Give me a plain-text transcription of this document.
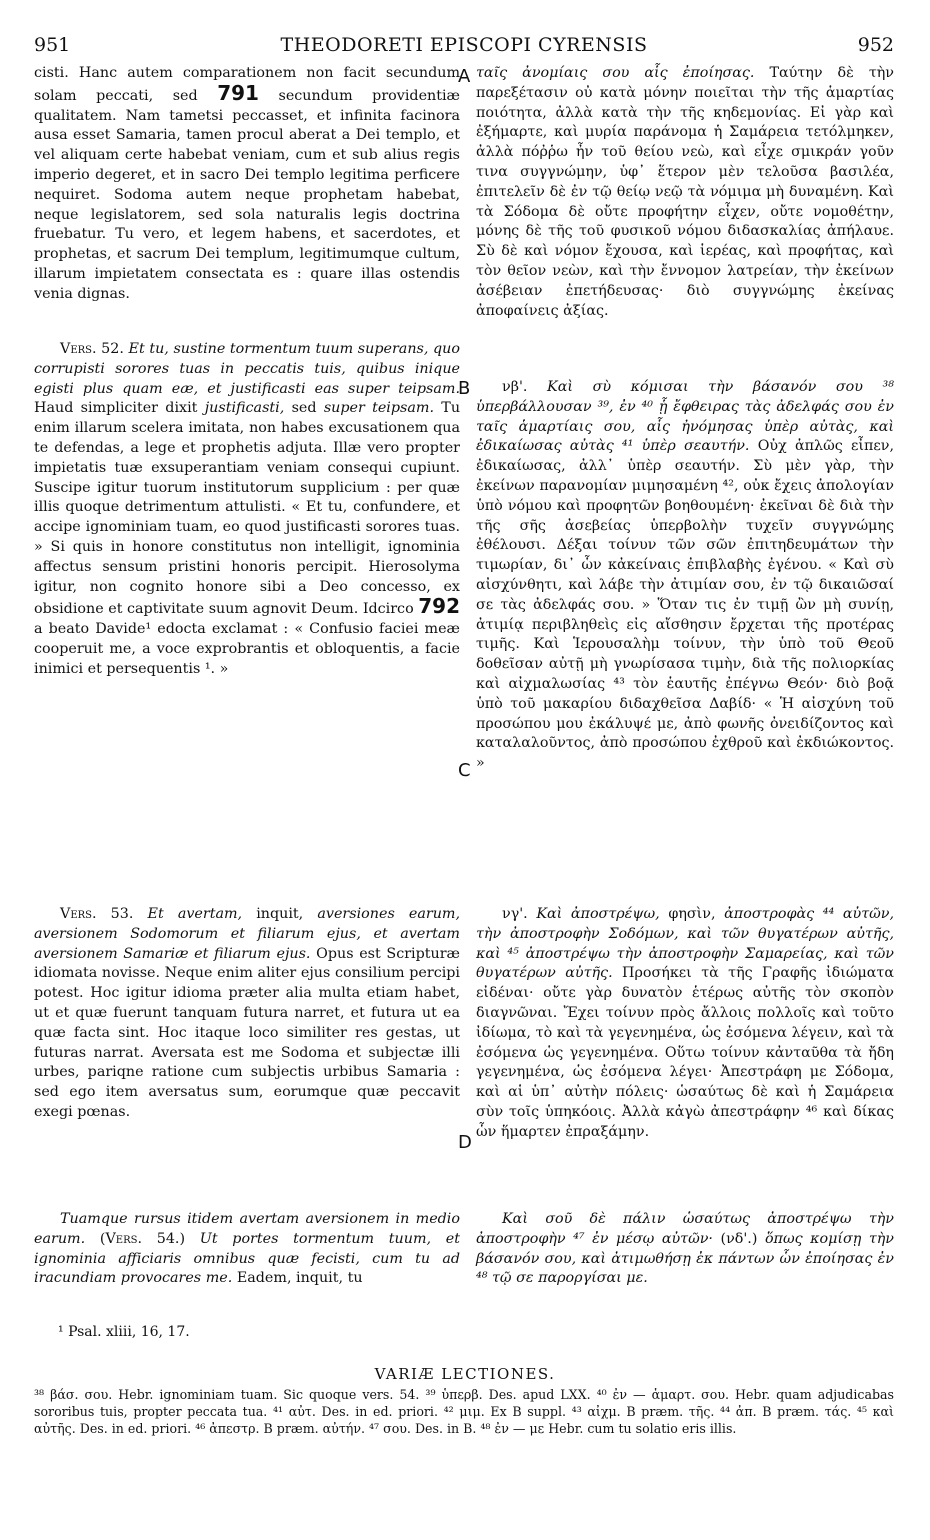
951	THEODORETI EPISCOPI CYRENSIS	952
A
B
C
D

cisti. Hanc autem comparationem non facit secundum solam peccati, sed 791 secundum providentiæ qualitatem. Nam tametsi peccasset, et infinita facinora ausa esset Samaria, tamen procul aberat a Dei templo, et vel aliquam certe habebat veniam, cum et sub alius regis imperio degeret, et in sacro Dei templo legitima perficere nequiret. Sodoma autem neque prophetam habebat, neque legislatorem, sed sola naturalis legis doctrina fruebatur. Tu vero, et legem habens, et sacerdotes, et prophetas, et sacrum Dei templum, legitimumque cultum, illarum impietatem consectata es : quare illas ostendis venia dignas.

Vers. 52. Et tu, sustine tormentum tuum superans, quo corrupisti sorores tuas in peccatis tuis, quibus inique egisti plus quam eæ, et justificasti eas super teipsam. Haud simpliciter dixit justificasti, sed super teipsam. Tu enim illarum scelera imitata, non habes excusationem qua te defendas, a lege et prophetis adjuta. Illæ vero propter impietatis tuæ exsuperantiam veniam consequi cupiunt. Suscipe igitur tuorum institutorum supplicium : per quæ illis quoque detrimentum attulisti. « Et tu, confundere, et accipe ignominiam tuam, eo quod justificasti sorores tuas. » Si quis in honore constitutus non intelligit, ignominia affectus sensum pristini honoris percipit. Hierosolyma igitur, non cognito honore sibi a Deo concesso, ex obsidione et captivitate suum agnovit Deum. Idcirco 792 a beato Davide¹ edocta exclamat : « Confusio faciei meæ cooperuit me, a voce exprobrantis et obloquentis, a facie inimici et persequentis ¹. »

Vers. 53. Et avertam, inquit, aversiones earum, aversionem Sodomorum et filiarum ejus, et avertam aversionem Samariæ et filiarum ejus. Opus est Scripturæ idiomata novisse. Neque enim aliter ejus consilium percipi potest. Hoc igitur idioma præter alia multa etiam habet, ut et quæ fuerunt tanquam futura narret, et futura ut ea quæ facta sint. Hoc itaque loco similiter res gestas, ut futuras narrat. Aversata est me Sodoma et subjectæ illi urbes, pariqne ratione cum subjectis urbibus Samaria : sed ego item aversatus sum, eorumque quæ peccavit exegi pœnas.

Tuamque rursus itidem avertam aversionem in medio earum. (Vers. 54.) Ut portes tormentum tuum, et ignominia afficiaris omnibus quæ fecisti, cum tu ad iracundiam provocares me. Eadem, inquit, tu

ταῖς ἀνομίαις σου αἷς ἐποίησας. Ταύτην δὲ τὴν παρεξέτασιν οὐ κατὰ μόνην ποιεῖται τὴν τῆς ἁμαρτίας ποιότητα, ἀλλὰ κατὰ τὴν τῆς κηδεμονίας. Εἰ γὰρ καὶ ἐξήμαρτε, καὶ μυρία παράνομα ἡ Σαμάρεια τετόλμηκεν, ἀλλὰ πόῤῥω ἦν τοῦ θείου νεὼ, καὶ εἶχε σμικράν γοῦν τινα συγγνώμην, ὑφ᾽ ἕτερον μὲν τελοῦσα βασιλέα, ἐπιτελεῖν δὲ ἐν τῷ θείῳ νεῷ τὰ νόμιμα μὴ δυναμένη. Καὶ τὰ Σόδομα δὲ οὔτε προφήτην εἶχεν, οὔτε νομοθέτην, μόνης δὲ τῆς τοῦ φυσικοῦ νόμου διδασκαλίας ἀπήλαυε. Σὺ δὲ καὶ νόμον ἔχουσα, καὶ ἱερέας, καὶ προφήτας, καὶ τὸν θεῖον νεὼν, καὶ τὴν ἔννομον λατρείαν, τὴν ἐκείνων ἀσέβειαν ἐπετήδευσας· διὸ συγγνώμης ἐκείνας ἀποφαίνεις ἀξίας.

νβ'. Καὶ σὺ κόμισαι τὴν βάσανόν σου ³⁸ ὑπερβάλλουσαν ³⁹, ἐν ⁴⁰ ᾗ ἔφθειρας τὰς ἀδελφάς σου ἐν ταῖς ἁμαρτίαις σου, αἷς ἠνόμησας ὑπὲρ αὐτὰς, καὶ ἐδικαίωσας αὐτὰς ⁴¹ ὑπὲρ σεαυτήν. Οὐχ ἁπλῶς εἶπεν, ἐδικαίωσας, ἀλλ᾽ ὑπὲρ σεαυτήν. Σὺ μὲν γὰρ, τὴν ἐκείνων παρανομίαν μιμησαμένη ⁴², οὐκ ἔχεις ἀπολογίαν ὑπὸ νόμου καὶ προφητῶν βοηθουμένη· ἐκεῖναι δὲ διὰ τὴν τῆς σῆς ἀσεβείας ὑπερβολὴν τυχεῖν συγγνώμης ἐθέλουσι. Δέξαι τοίνυν τῶν σῶν ἐπιτηδευμάτων τὴν τιμωρίαν, δι᾽ ὧν κἀκείναις ἐπιβλαβὴς ἐγένου. « Καὶ σὺ αἰσχύνθητι, καὶ λάβε τὴν ἀτιμίαν σου, ἐν τῷ δικαιῶσαί σε τὰς ἀδελφάς σου. » Ὅταν τις ἐν τιμῇ ὢν μὴ συνίῃ, ἀτιμίᾳ περιβληθεὶς εἰς αἴσθησιν ἔρχεται τῆς προτέρας τιμῆς. Καὶ Ἱερουσαλὴμ τοίνυν, τὴν ὑπὸ τοῦ Θεοῦ δοθεῖσαν αὐτῇ μὴ γνωρίσασα τιμὴν, διὰ τῆς πολιορκίας καὶ αἰχμαλωσίας ⁴³ τὸν ἑαυτῆς ἐπέγνω Θεόν· διὸ βοᾷ ὑπὸ τοῦ μακαρίου διδαχθεῖσα Δαβίδ· « Ἡ αἰσχύνη τοῦ προσώπου μου ἐκάλυψέ με, ἀπὸ φωνῆς ὀνειδίζοντος καὶ καταλαλοῦντος, ἀπὸ προσώπου ἐχθροῦ καὶ ἐκδιώκοντος. »

νγ'. Καὶ ἀποστρέψω, φησὶν, ἀποστροφὰς ⁴⁴ αὐτῶν, τὴν ἀποστροφὴν Σοδόμων, καὶ τῶν θυγατέρων αὐτῆς, καὶ ⁴⁵ ἀποστρέψω τὴν ἀποστροφὴν Σαμαρείας, καὶ τῶν θυγατέρων αὐτῆς. Προσήκει τὰ τῆς Γραφῆς ἰδιώματα εἰδέναι· οὔτε γὰρ δυνατὸν ἑτέρως αὐτῆς τὸν σκοπὸν διαγνῶναι. Ἔχει τοίνυν πρὸς ἄλλοις πολλοῖς καὶ τοῦτο ἰδίωμα, τὸ καὶ τὰ γεγενημένα, ὡς ἐσόμενα λέγειν, καὶ τὰ ἐσόμενα ὡς γεγενημένα. Οὕτω τοίνυν κἀνταῦθα τὰ ἤδη γεγενημένα, ὡς ἐσόμενα λέγει· Ἀπεστράφη με Σόδομα, καὶ αἱ ὑπ᾽ αὐτὴν πόλεις· ὡσαύτως δὲ καὶ ἡ Σαμάρεια σὺν τοῖς ὑπηκόοις. Ἀλλὰ κἀγὼ ἀπεστράφην ⁴⁶ καὶ δίκας ὧν ἥμαρτεν ἐπραξάμην.

Καὶ σοῦ δὲ πάλιν ὡσαύτως ἀποστρέψω τὴν ἀποστροφὴν ⁴⁷ ἐν μέσῳ αὐτῶν· (νδ'.) ὅπως κομίσῃ τὴν βάσανόν σου, καὶ ἀτιμωθήσῃ ἐκ πάντων ὧν ἐποίησας ἐν ⁴⁸ τῷ σε παροργίσαι με.

¹ Psal. xliii, 16, 17.
VARIÆ LECTIONES.
³⁸ βάσ. σου. Hebr. ignominiam tuam. Sic quoque vers. 54. ³⁹ ὑπερβ. Des. apud LXX. ⁴⁰ ἐν — ἁμαρτ. σου. Hebr. quam adjudicabas sororibus tuis, propter peccata tua. ⁴¹ αὐτ. Des. in ed. priori. ⁴² μιμ. Ex B suppl. ⁴³ αἰχμ. B præm. τῆς. ⁴⁴ ἀπ. B præm. τάς. ⁴⁵ καὶ αὐτῆς. Des. in ed. priori. ⁴⁶ ἀπεστρ. B præm. αὐτήν. ⁴⁷ σου. Des. in B. ⁴⁸ ἐν — με Hebr. cum tu solatio eris illis.
